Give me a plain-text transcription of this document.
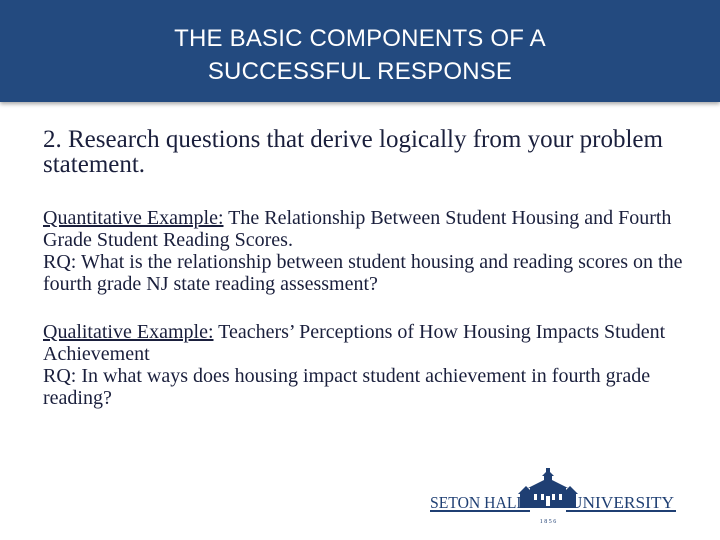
THE BASIC COMPONENTS OF A
SUCCESSFUL RESPONSE
2. Research questions that derive logically from your problem statement.

Quantitative Example: The Relationship Between Student Housing and Fourth Grade Student Reading Scores.

RQ: What is the relationship between student housing and reading scores on the fourth grade NJ state reading assessment?

Qualitative Example: Teachers’ Perceptions of How Housing Impacts Student Achievement

RQ: In what ways does housing impact student achievement in fourth grade reading?

SETON HALL	UNIVERSITY
1 8 5 6
